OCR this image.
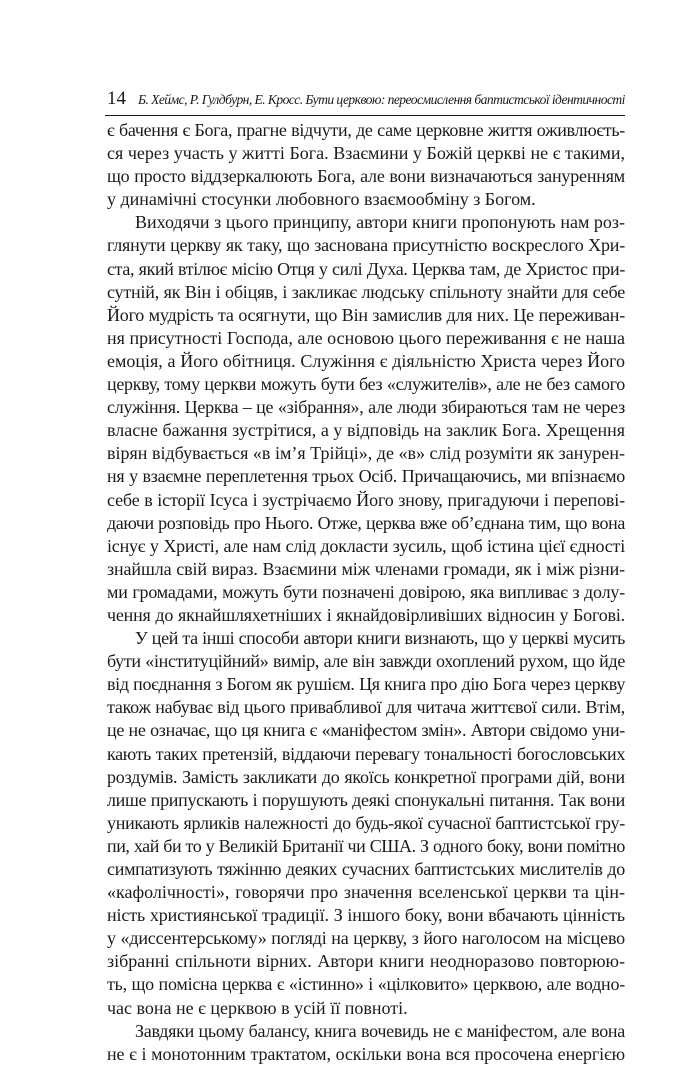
14 Б. Хеймс, Р. Гулдбурн, Е. Кросс. Бути церквою: переосмислення баптистської ідентичності
є бачення є Бога, прагне відчути, де саме церковне життя оживлюєть-
ся через участь у житті Бога. Взаємини у Божій церкві не є такими,
що просто віддзеркалюють Бога, але вони визначаються зануренням
у динамічні стосунки любовного взаємообміну з Богом.
Виходячи з цього принципу, автори книги пропонують нам роз-
глянути церкву як таку, що заснована присутністю воскреслого Хри-
ста, який втілює місію Отця у силі Духа. Церква там, де Христос при-
сутній, як Він і обіцяв, і закликає людську спільноту знайти для себе
Його мудрість та осягнути, що Він замислив для них. Це переживан-
ня присутності Господа, але основою цього переживання є не наша
емоція, а Його обітниця. Служіння є діяльністю Христа через Його
церкву, тому церкви можуть бути без «служителів», але не без самого
служіння. Церква – це «зібрання», але люди збираються там не через
власне бажання зустрітися, а у відповідь на заклик Бога. Хрещення
вірян відбувається «в ім’я Трійці», де «в» слід розуміти як занурен-
ня у взаємне переплетення трьох Осіб. Причащаючись, ми впізнаємо
себе в історії Ісуса і зустрічаємо Його знову, пригадуючи і переповi-
даючи розповідь про Нього. Отже, церква вже об’єднана тим, що вона
існує у Христі, але нам слід докласти зусиль, щоб істина цієї єдності
знайшла свій вираз. Взаємини між членами громади, як і між різни-
ми громадами, можуть бути позначені довірою, яка випливає з долу-
чення до якнайшляхетніших і якнайдовірливіших відносин у Богові.
У цей та інші способи автори книги визнають, що у церкві мусить
бути «інституційний» вимір, але він завжди охоплений рухом, що йде
від поєднання з Богом як рушієм. Ця книга про дію Бога через церкву
також набуває від цього привабливої для читача життєвої сили. Втім,
це не означає, що ця книга є «маніфестом змін». Автори свідомо уни-
кають таких претензій, віддаючи перевагу тональності богословських
роздумів. Замість закликати до якоїсь конкретної програми дій, вони
лише припускають і порушують деякі спонукальні питання. Так вони
уникають ярликів належності до будь-якої сучасної баптистської гру-
пи, хай би то у Великій Британії чи США. З одного боку, вони помітно
симпатизують тяжінню деяких сучасних баптистських мислителів до
«кафолічності», говорячи про значення вселенської церкви та цін-
ність християнської традиції. З іншого боку, вони вбачають цінність
у «диссентерському» погляді на церкву, з його наголосом на місцево
зібранні спільноти вірних. Автори книги неодноразово повторюю-
ть, що помісна церква є «істинно» і «цілковито» церквою, але водно-
час вона не є церквою в усій її повноті.
Завдяки цьому балансу, книга вочевидь не є маніфестом, але вона
не є і монотонним трактатом, оскільки вона вся просочена енергією
